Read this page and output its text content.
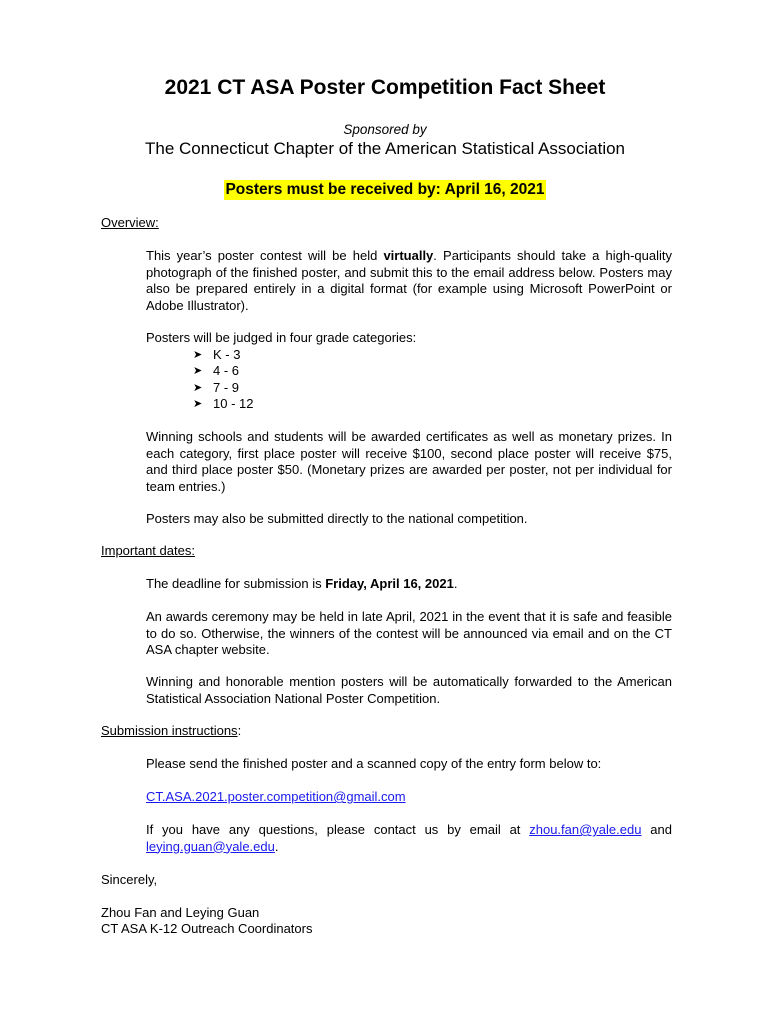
2021 CT ASA Poster Competition Fact Sheet
Sponsored by
The Connecticut Chapter of the American Statistical Association
Posters must be received by: April 16, 2021
Overview:
This year’s poster contest will be held virtually. Participants should take a high-quality photograph of the finished poster, and submit this to the email address below. Posters may also be prepared entirely in a digital format (for example using Microsoft PowerPoint or Adobe Illustrator).
Posters will be judged in four grade categories:
➤ K - 3
➤ 4 - 6
➤ 7 - 9
➤ 10 - 12
Winning schools and students will be awarded certificates as well as monetary prizes. In each category, first place poster will receive $100, second place poster will receive $75, and third place poster $50. (Monetary prizes are awarded per poster, not per individual for team entries.)
Posters may also be submitted directly to the national competition.
Important dates:
The deadline for submission is Friday, April 16, 2021.
An awards ceremony may be held in late April, 2021 in the event that it is safe and feasible to do so. Otherwise, the winners of the contest will be announced via email and on the CT ASA chapter website.
Winning and honorable mention posters will be automatically forwarded to the American Statistical Association National Poster Competition.
Submission instructions:
Please send the finished poster and a scanned copy of the entry form below to:
CT.ASA.2021.poster.competition@gmail.com
If you have any questions, please contact us by email at zhou.fan@yale.edu and leying.guan@yale.edu.
Sincerely,
Zhou Fan and Leying Guan
CT ASA K-12 Outreach Coordinators
